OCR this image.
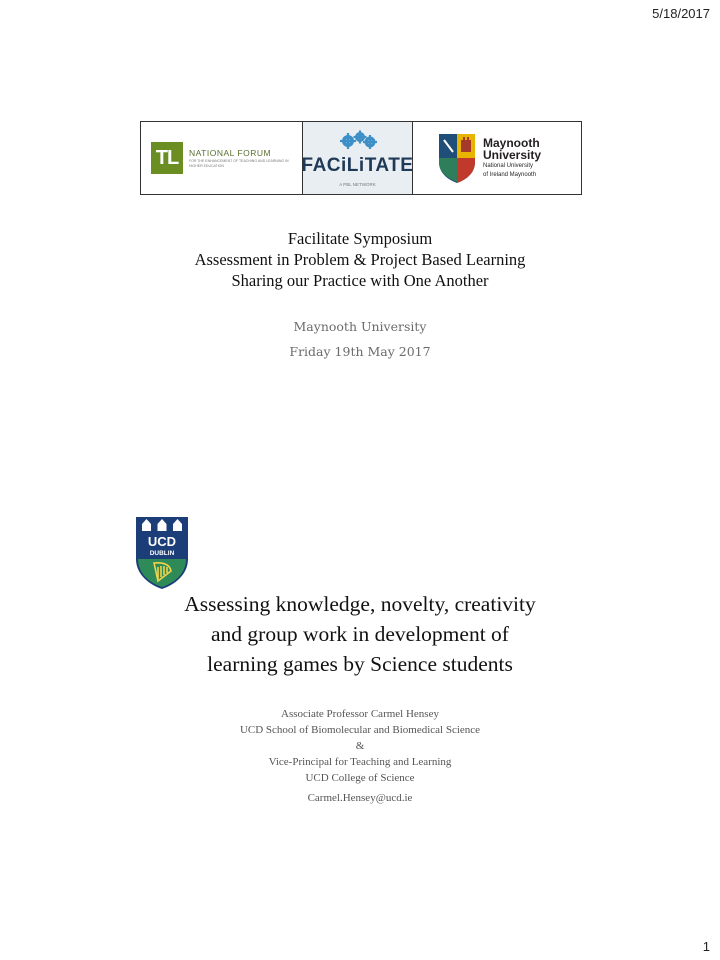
5/18/2017
TL	NATIONAL FORUM
FOR THE ENHANCEMENT OF TEACHING AND LEARNING IN HIGHER EDUCATION	FACiLiTATE
A PBL NETWORK
Maynooth
University
National University
of Ireland Maynooth
Facilitate Symposium
Assessment in Problem & Project Based Learning
Sharing our Practice with One Another
Maynooth University
Friday 19th May 2017
UCD
DUBLIN
Assessing knowledge, novelty, creativity
and group work in development of
learning games by Science students
Associate Professor Carmel Hensey
UCD School of Biomolecular and Biomedical Science
&
Vice-Principal for Teaching and Learning
UCD College of Science
Carmel.Hensey@ucd.ie
1
